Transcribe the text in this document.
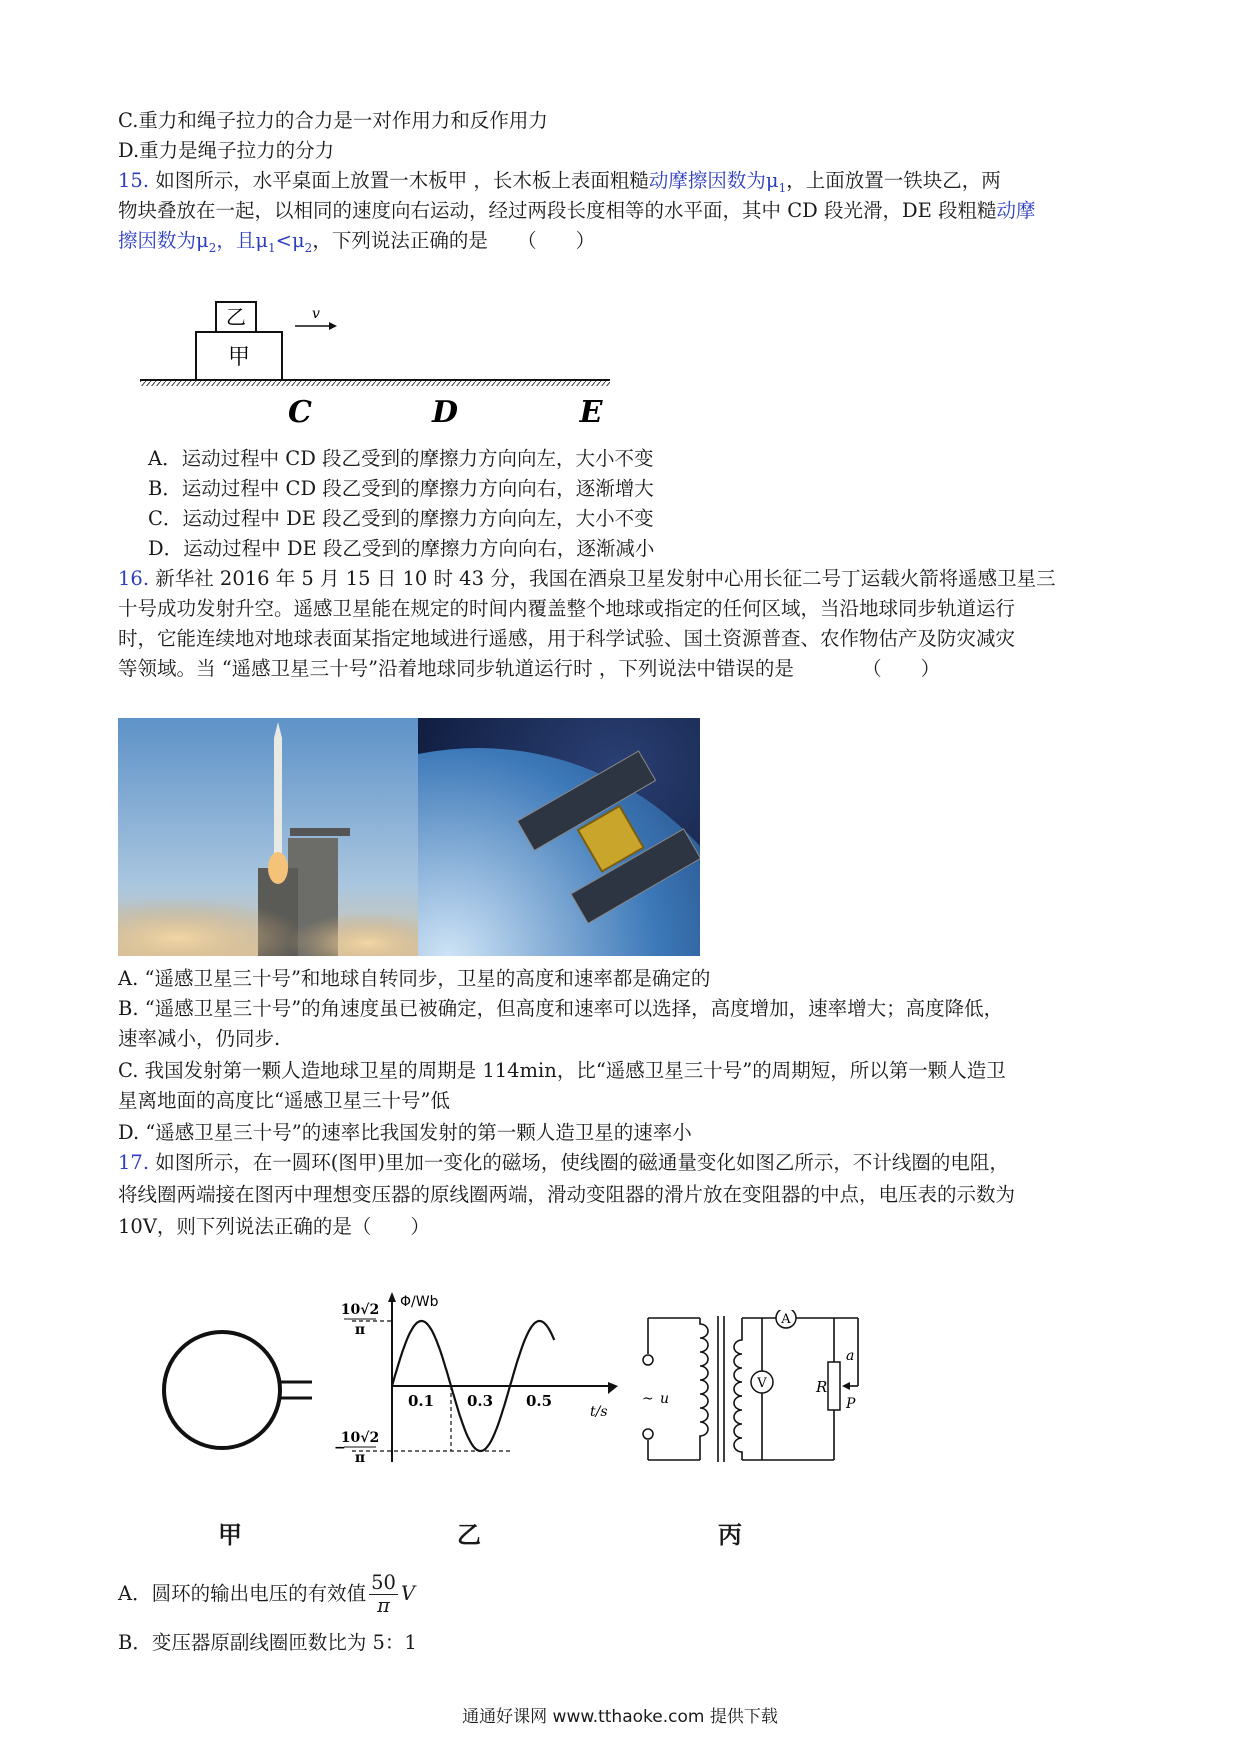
C.重力和绳子拉力的合力是一对作用力和反作用力
D.重力是绳子拉力的分力
15. 如图所示，水平桌面上放置一木板甲 ，长木板上表面粗糙动摩擦因数为$\mu_1$，上面放置一铁块乙，两
物块叠放在一起，以相同的速度向右运动，经过两段长度相等的水平面，其中 CD 段光滑，DE 段粗糙动摩
擦因数为$\mu_2$，且$\mu_1<\mu_2$，下列说法正确的是　　（　　）
甲
乙	v
C	D	E
A．运动过程中 CD 段乙受到的摩擦力方向向左，大小不变
B．运动过程中 CD 段乙受到的摩擦力方向向右，逐渐增大
C．运动过程中 DE 段乙受到的摩擦力方向向左，大小不变
D．运动过程中 DE 段乙受到的摩擦力方向向右，逐渐减小
16. 新华社 2016 年 5 月 15 日 10 时 43 分，我国在酒泉卫星发射中心用长征二号丁运载火箭将遥感卫星三
十号成功发射升空。遥感卫星能在规定的时间内覆盖整个地球或指定的任何区域，当沿地球同步轨道运行
时，它能连续地对地球表面某指定地域进行遥感，用于科学试验、国土资源普查、农作物估产及防灾减灾
等领域。当 “遥感卫星三十号”沿着地球同步轨道运行时 ，下列说法中错误的是　　　　（　　）
A. “遥感卫星三十号”和地球自转同步，卫星的高度和速率都是确定的
B. “遥感卫星三十号”的角速度虽已被确定，但高度和速率可以选择，高度增加，速率增大；高度降低，
速率减小，仍同步.
C. 我国发射第一颗人造地球卫星的周期是 114min，比“遥感卫星三十号”的周期短，所以第一颗人造卫
星离地面的高度比“遥感卫星三十号”低
D. “遥感卫星三十号”的速率比我国发射的第一颗人造卫星的速率小
17. 如图所示，在一圆环(图甲)里加一变化的磁场，使线圈的磁通量变化如图乙所示，不计线圈的电阻，
将线圈两端接在图丙中理想变压器的原线圈两端，滑动变阻器的滑片放在变阻器的中点，电压表的示数为
10V，则下列说法正确的是（　　）
Φ/Wb
t/s
0.1 0.3 0.5
10√2
π
10√2
−
π
~ u
A
V	R
a
P
甲	乙	丙
A．圆环的输出电压的有效值 $\frac{50}{\pi}$ V
B．变压器原副线圈匝数比为 5：1
通通好课网 www.tthaoke.com 提供下载
